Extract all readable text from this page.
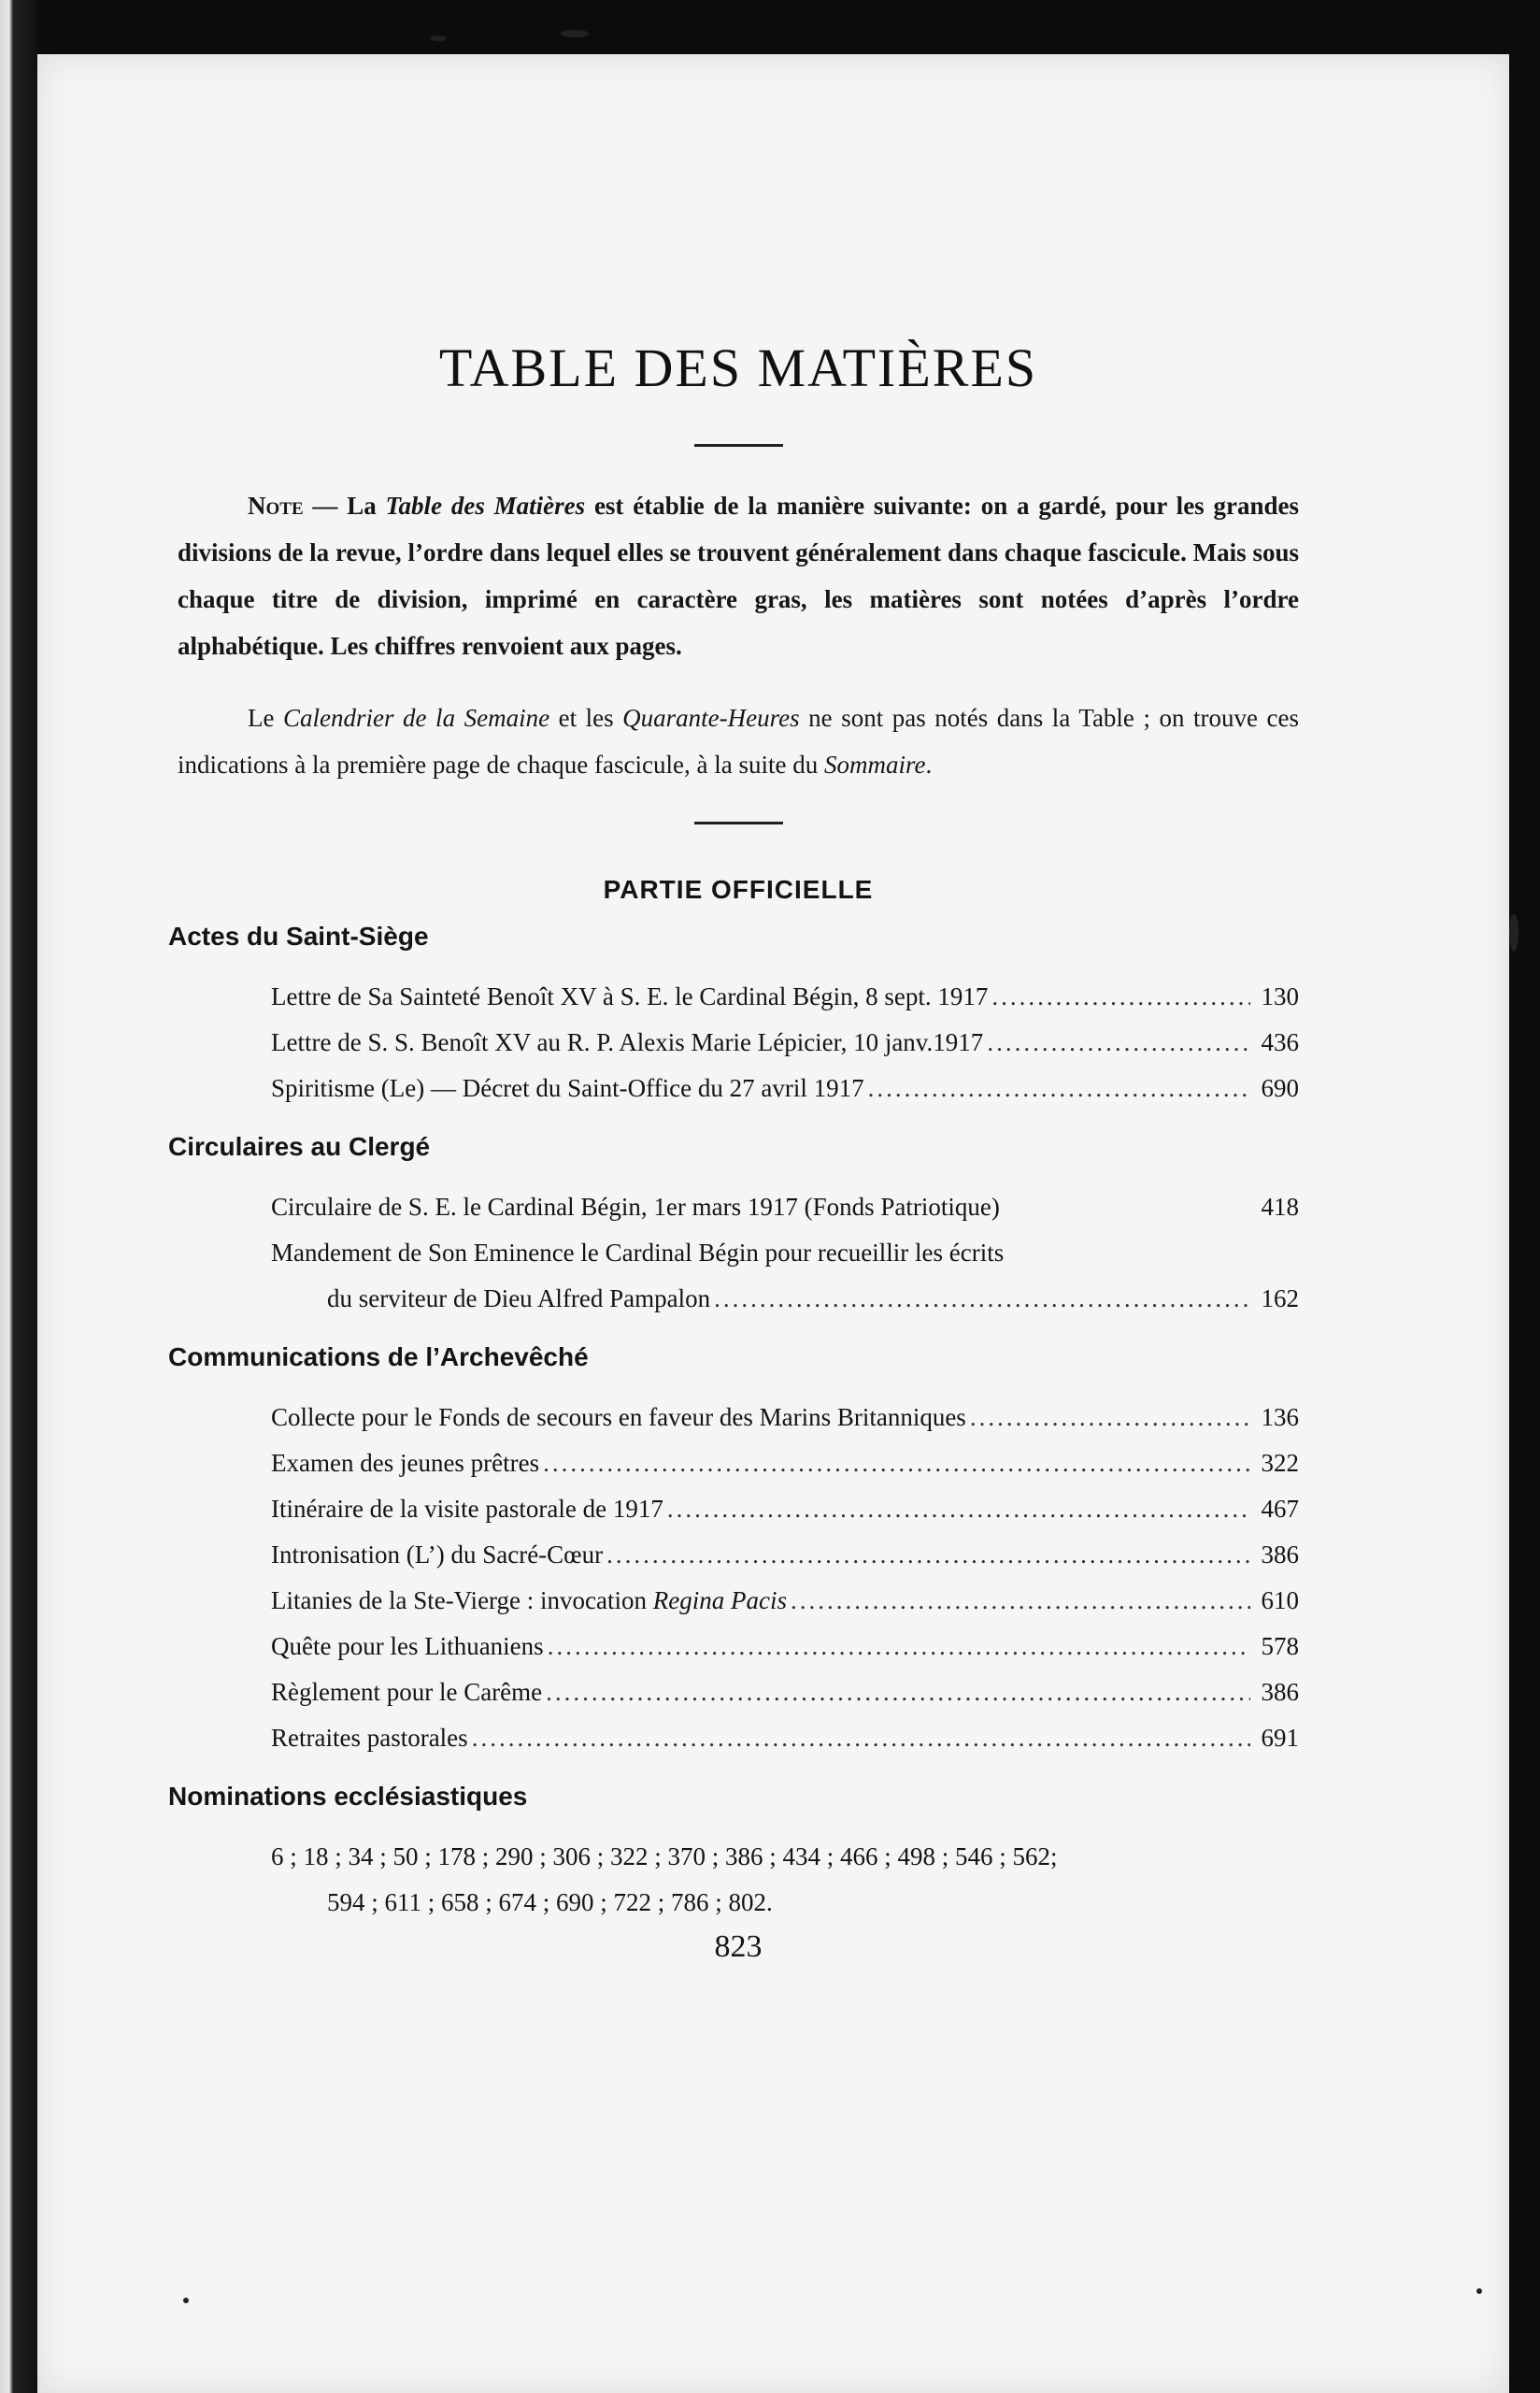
TABLE DES MATIÈRES

Note — La Table des Matières est établie de la manière suivante: on a gardé, pour les grandes divisions de la revue, l’ordre dans lequel elles se trouvent généralement dans chaque fascicule. Mais sous chaque titre de division, imprimé en caractère gras, les matières sont notées d’après l’ordre alphabétique. Les chiffres renvoient aux pages.

Le Calendrier de la Semaine et les Quarante-Heures ne sont pas notés dans la Table ; on trouve ces indications à la première page de chaque fascicule, à la suite du Sommaire.

PARTIE OFFICIELLE
Actes du Saint-Siège
Lettre de Sa Sainteté Benoît XV à S. E. le Cardinal Bégin, 8 sept. 1917 .....	130
Lettre de S. S. Benoît XV au R. P. Alexis Marie Lépicier, 10 janv.1917 .....	436
Spiritisme (Le) — Décret du Saint-Office du 27 avril 1917 .....	690
Circulaires au Clergé
Circulaire de S. E. le Cardinal Bégin, 1er mars 1917 (Fonds Patriotique)	418
Mandement de Son Eminence le Cardinal Bégin pour recueillir les écrits
du serviteur de Dieu Alfred Pampalon .....	162
Communications de l’Archevêché
Collecte pour le Fonds de secours en faveur des Marins Britanniques .....	136
Examen des jeunes prêtres .....	322
Itinéraire de la visite pastorale de 1917 .....	467
Intronisation (L’) du Sacré-Cœur .....	386
Litanies de la Ste-Vierge : invocation Regina Pacis .....	610
Quête pour les Lithuaniens .....	578
Règlement pour le Carême .....	386
Retraites pastorales .....	691
Nominations ecclésiastiques
6 ; 18 ; 34 ; 50 ; 178 ; 290 ; 306 ; 322 ; 370 ; 386 ; 434 ; 466 ; 498 ; 546 ; 562;
594 ; 611 ; 658 ; 674 ; 690 ; 722 ; 786 ; 802.
823
